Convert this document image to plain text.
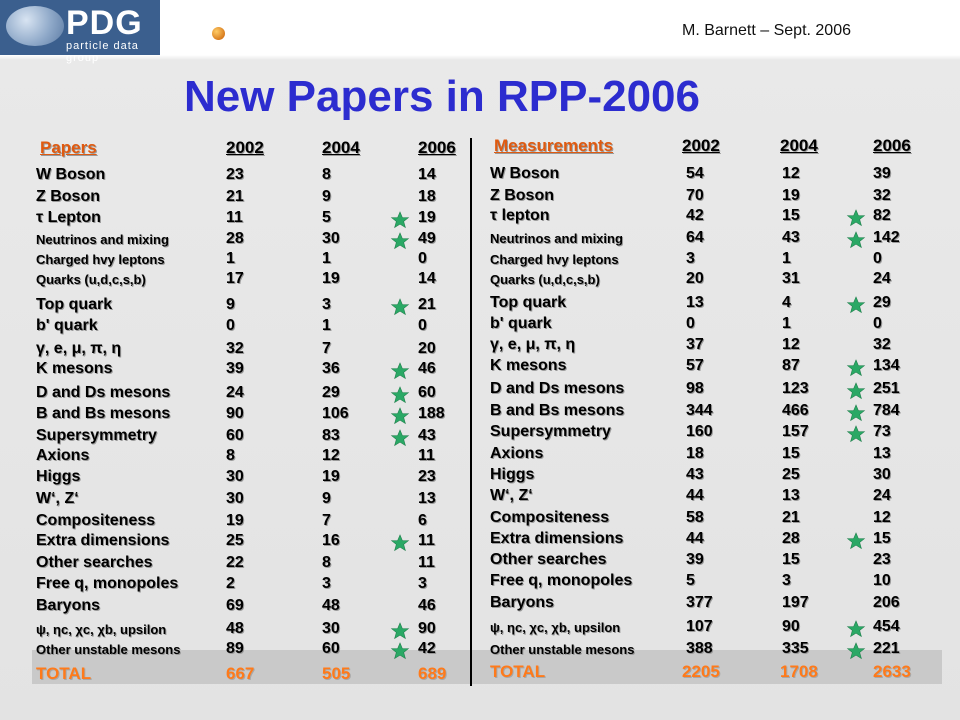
PDG
particle data group
M. Barnett – Sept. 2006
New Papers in RPP-2006
Papers	2002	2004	2006
W Boson	23	8	14
Z Boson	21	9	18
τ Lepton	11	5	19
Neutrinos and mixing	28	30	49
Charged hvy leptons	1	1	0
Quarks (u,d,c,s,b)	17	19	14
Top quark	9	3	21
b' quark	0	1	0
γ, e, μ, π, η	32	7	20
K mesons	39	36	46
D and Ds mesons	24	29	60
B and Bs mesons	90	106	188
Supersymmetry	60	83	43
Axions	8	12	11
Higgs	30	19	23
W‘, Z‘	30	9	13
Compositeness	19	7	6
Extra dimensions	25	16	11
Other searches	22	8	11
Free q, monopoles	2	3	3
Baryons	69	48	46
ψ, ηc, χc, χb, upsilon	48	30	90
Other unstable mesons	89	60	42
TOTAL	667	505	689
Measurements	2002	2004	2006
W Boson	54	12	39
Z Boson	70	19	32
τ lepton	42	15	82
Neutrinos and mixing	64	43	142
Charged hvy leptons	3	1	0
Quarks (u,d,c,s,b)	20	31	24
Top quark	13	4	29
b' quark	0	1	0
γ, e, μ, π, η	37	12	32
K mesons	57	87	134
D and Ds mesons	98	123	251
B and Bs mesons	344	466	784
Supersymmetry	160	157	73
Axions	18	15	13
Higgs	43	25	30
W‘, Z‘	44	13	24
Compositeness	58	21	12
Extra dimensions	44	28	15
Other searches	39	15	23
Free q, monopoles	5	3	10
Baryons	377	197	206
ψ, ηc, χc, χb, upsilon	107	90	454
Other unstable mesons	388	335	221
TOTAL	2205	1708	2633
